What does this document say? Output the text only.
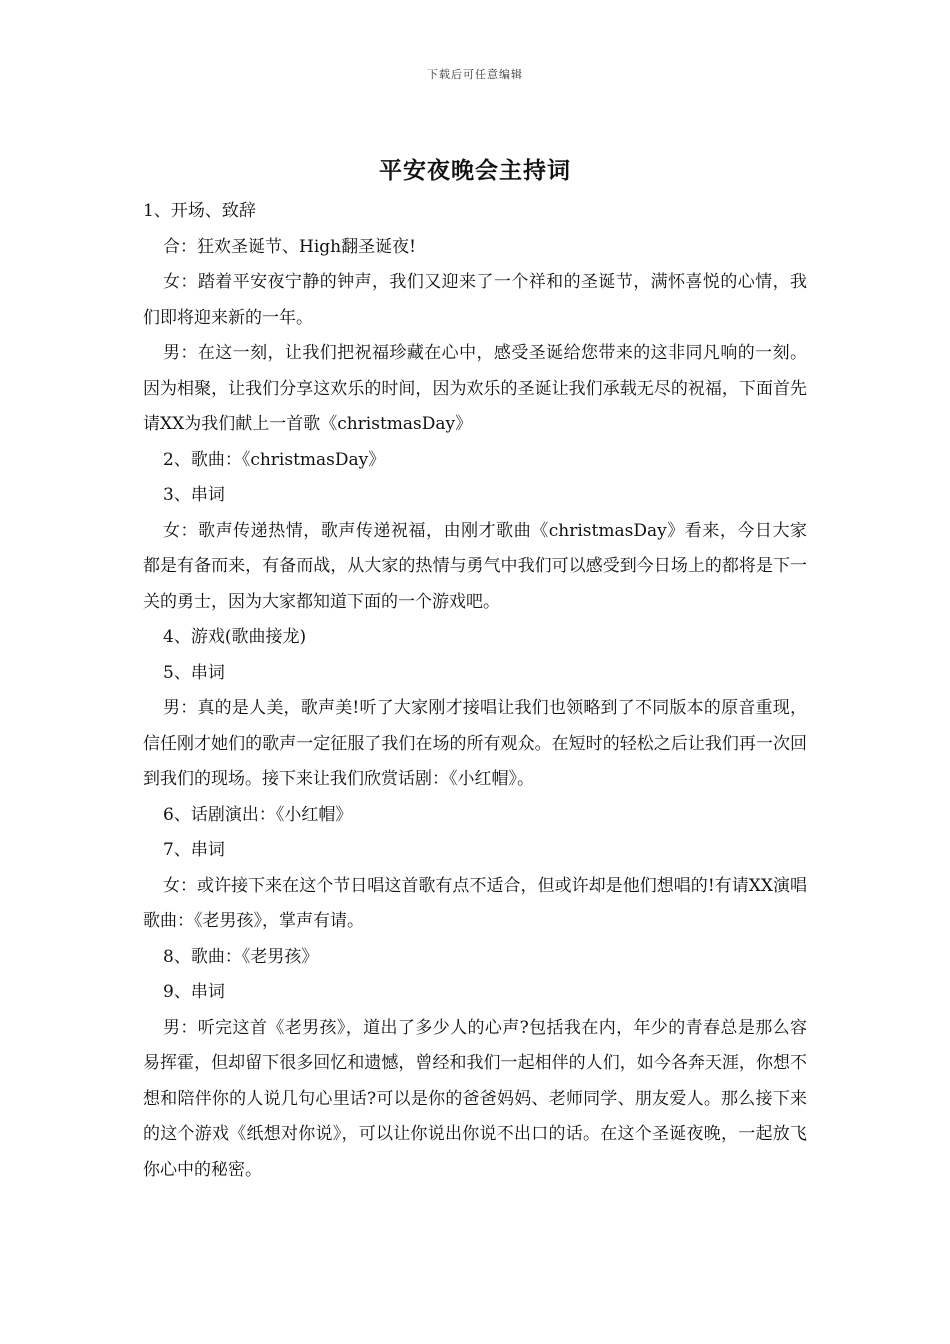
下载后可任意编辑
平安夜晚会主持词

1、开场、致辞

合：狂欢圣诞节、High翻圣诞夜!

女：踏着平安夜宁静的钟声，我们又迎来了一个祥和的圣诞节，满怀喜悦的心情，我们即将迎来新的一年。

男：在这一刻，让我们把祝福珍藏在心中，感受圣诞给您带来的这非同凡响的一刻。因为相聚，让我们分享这欢乐的时间，因为欢乐的圣诞让我们承载无尽的祝福，下面首先请XX为我们献上一首歌《christmasDay》

2、歌曲：《christmasDay》

3、串词

女：歌声传递热情，歌声传递祝福，由刚才歌曲《christmasDay》看来，今日大家都是有备而来，有备而战，从大家的热情与勇气中我们可以感受到今日场上的都将是下一关的勇士，因为大家都知道下面的一个游戏吧。

4、游戏(歌曲接龙)

5、串词

男：真的是人美，歌声美!听了大家刚才接唱让我们也领略到了不同版本的原音重现，信任刚才她们的歌声一定征服了我们在场的所有观众。在短时的轻松之后让我们再一次回到我们的现场。接下来让我们欣赏话剧：《小红帽》。

6、话剧演出：《小红帽》

7、串词

女：或许接下来在这个节日唱这首歌有点不适合，但或许却是他们想唱的!有请XX演唱歌曲：《老男孩》，掌声有请。

8、歌曲：《老男孩》

9、串词

男：听完这首《老男孩》，道出了多少人的心声?包括我在内，年少的青春总是那么容易挥霍，但却留下很多回忆和遗憾，曾经和我们一起相伴的人们，如今各奔天涯，你想不想和陪伴你的人说几句心里话?可以是你的爸爸妈妈、老师同学、朋友爱人。那么接下来的这个游戏《纸想对你说》，可以让你说出你说不出口的话。在这个圣诞夜晚，一起放飞你心中的秘密。
